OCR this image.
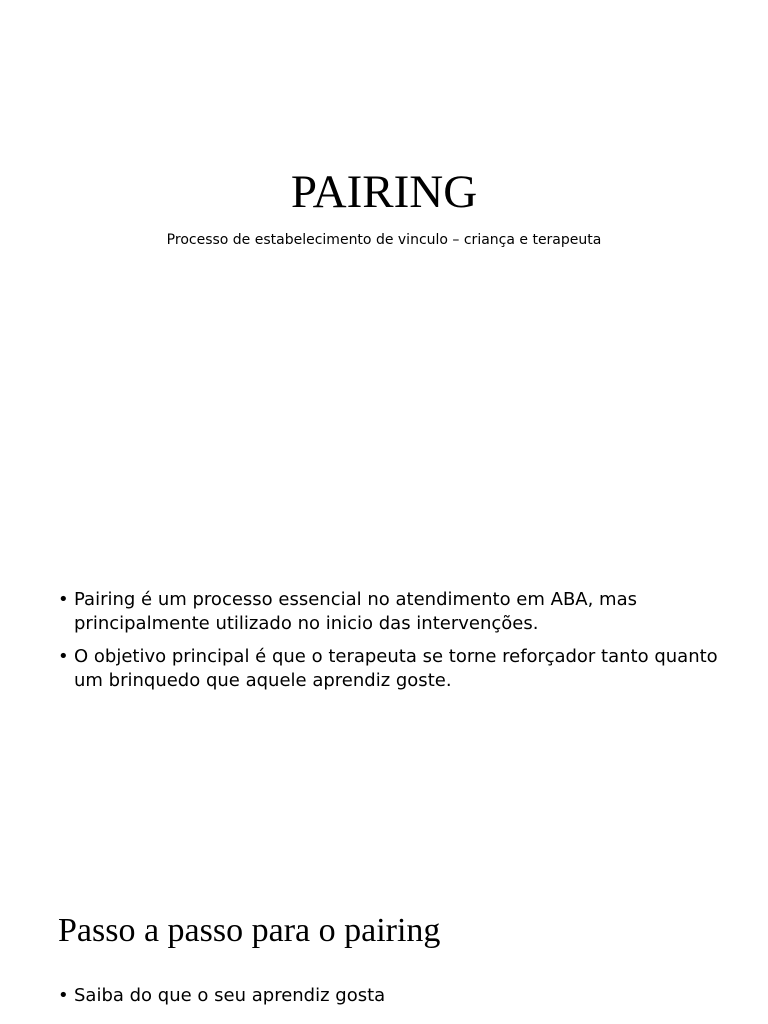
PAIRING
Processo de estabelecimento de vinculo – criança e terapeuta
• Pairing é um processo essencial no atendimento em ABA, mas principalmente utilizado no inicio das intervenções.
• O objetivo principal é que o terapeuta se torne reforçador tanto quanto um brinquedo que aquele aprendiz goste.
Passo a passo para o pairing
• Saiba do que o seu aprendiz gosta
